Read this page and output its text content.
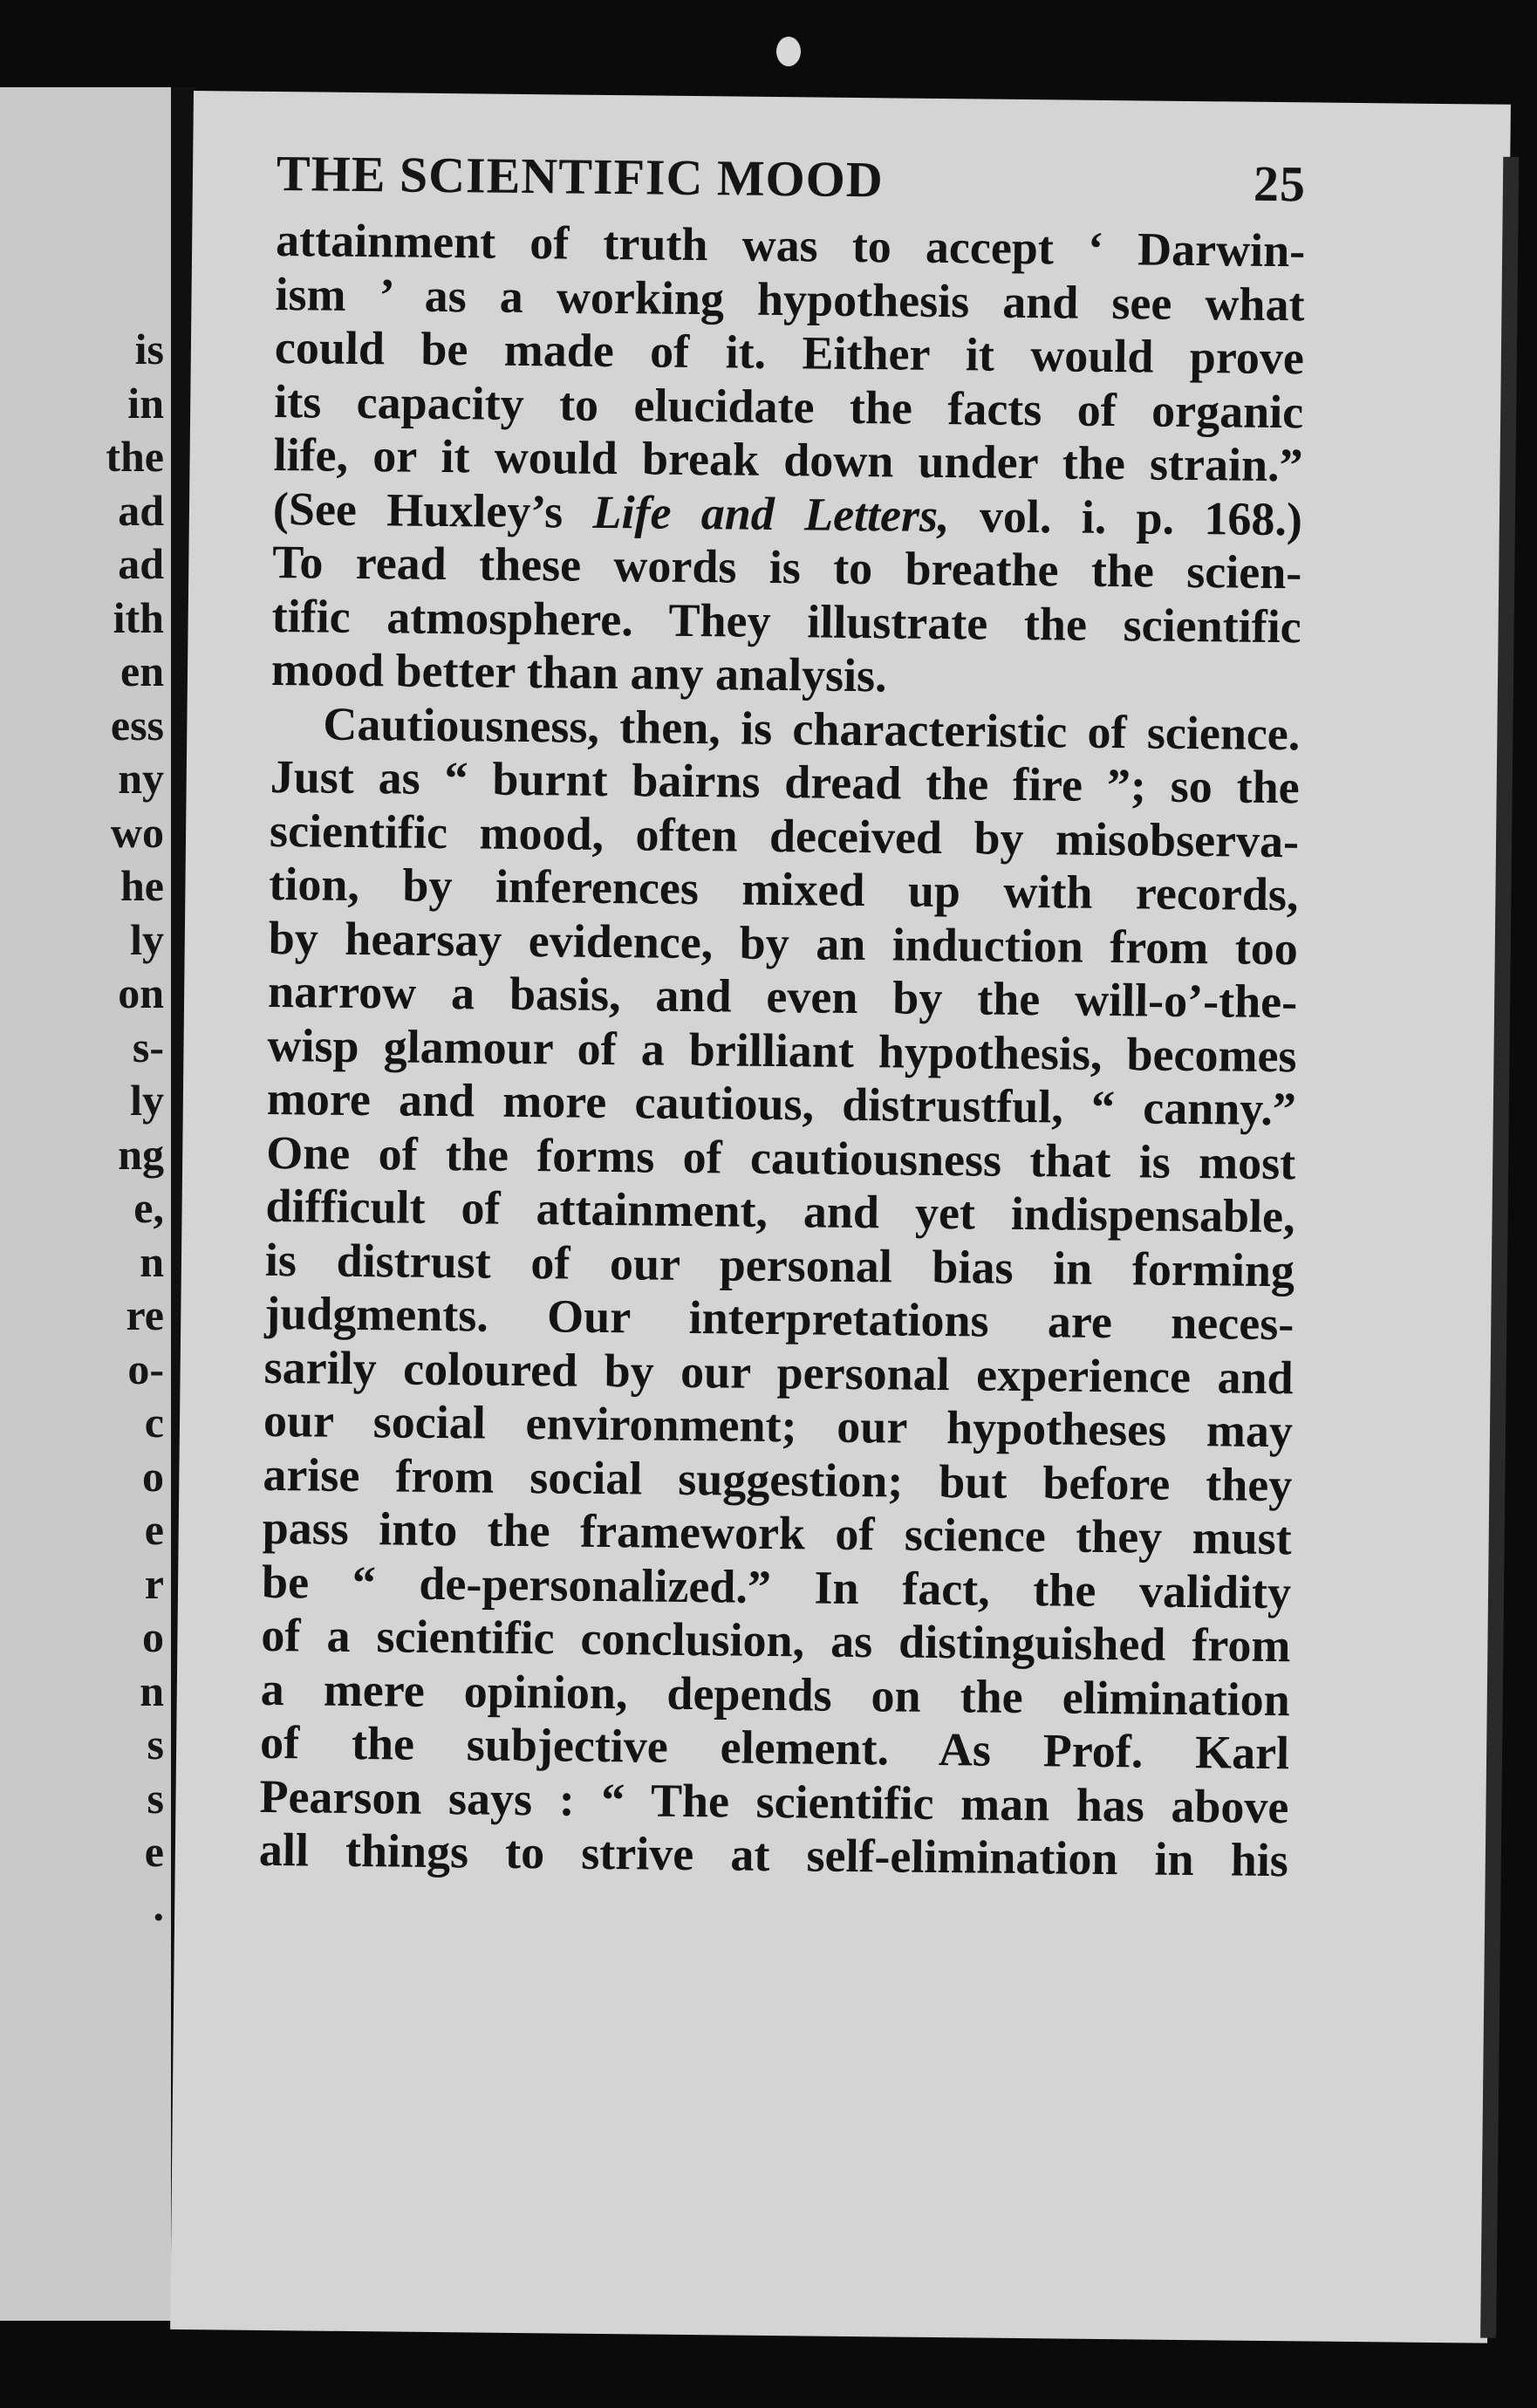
is
in
the
ad
ad
ith
en
ess
ny
wo
he
ly
on
s-
ly
ng
e,
n
re
o-
c
o
e
r
o
n
s
s
e
.
THE SCIENTIFIC MOOD	25
attainment of truth was to accept ‘ Darwin-
ism ’ as a working hypothesis and see what
could be made of it. Either it would prove
its capacity to elucidate the facts of organic
life, or it would break down under the strain.”
(See Huxley’s Life and Letters, vol. i. p. 168.)
To read these words is to breathe the scien-
tific atmosphere. They illustrate the scientific
mood better than any analysis.
Cautiousness, then, is characteristic of science.
Just as “ burnt bairns dread the fire ”; so the
scientific mood, often deceived by misobserva-
tion, by inferences mixed up with records,
by hearsay evidence, by an induction from too
narrow a basis, and even by the will-o’-the-
wisp glamour of a brilliant hypothesis, becomes
more and more cautious, distrustful, “ canny.”
One of the forms of cautiousness that is most
difficult of attainment, and yet indispensable,
is distrust of our personal bias in forming
judgments. Our interpretations are neces-
sarily coloured by our personal experience and
our social environment; our hypotheses may
arise from social suggestion; but before they
pass into the framework of science they must
be “ de-personalized.” In fact, the validity
of a scientific conclusion, as distinguished from
a mere opinion, depends on the elimination
of the subjective element. As Prof. Karl
Pearson says : “ The scientific man has above
all things to strive at self-elimination in his
